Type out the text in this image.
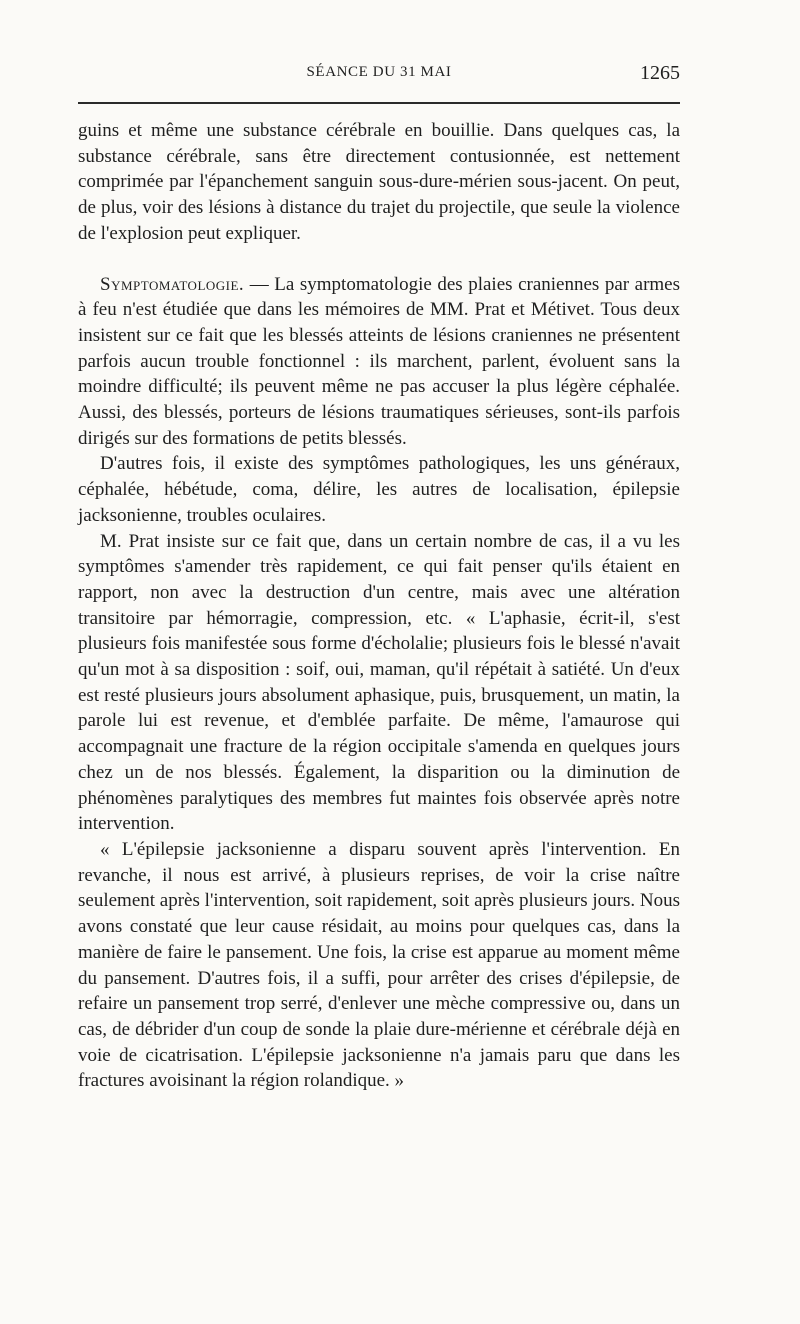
SÉANCE DU 31 MAI	1265

guins et même une substance cérébrale en bouillie. Dans quelques cas, la substance cérébrale, sans être directement contusionnée, est nettement comprimée par l'épanchement sanguin sous-dure-mérien sous-jacent. On peut, de plus, voir des lésions à distance du trajet du projectile, que seule la violence de l'explosion peut expliquer.

Symptomatologie. — La symptomatologie des plaies craniennes par armes à feu n'est étudiée que dans les mémoires de MM. Prat et Métivet. Tous deux insistent sur ce fait que les blessés atteints de lésions craniennes ne présentent parfois aucun trouble fonctionnel : ils marchent, parlent, évoluent sans la moindre difficulté; ils peuvent même ne pas accuser la plus légère céphalée. Aussi, des blessés, porteurs de lésions traumatiques sérieuses, sont-ils parfois dirigés sur des formations de petits blessés.

D'autres fois, il existe des symptômes pathologiques, les uns généraux, céphalée, hébétude, coma, délire, les autres de localisation, épilepsie jacksonienne, troubles oculaires.

M. Prat insiste sur ce fait que, dans un certain nombre de cas, il a vu les symptômes s'amender très rapidement, ce qui fait penser qu'ils étaient en rapport, non avec la destruction d'un centre, mais avec une altération transitoire par hémorragie, compression, etc. « L'aphasie, écrit-il, s'est plusieurs fois manifestée sous forme d'écholalie; plusieurs fois le blessé n'avait qu'un mot à sa disposition : soif, oui, maman, qu'il répétait à satiété. Un d'eux est resté plusieurs jours absolument aphasique, puis, brusquement, un matin, la parole lui est revenue, et d'emblée parfaite. De même, l'amaurose qui accompagnait une fracture de la région occipitale s'amenda en quelques jours chez un de nos blessés. Également, la disparition ou la diminution de phénomènes paralytiques des membres fut maintes fois observée après notre intervention.

« L'épilepsie jacksonienne a disparu souvent après l'intervention. En revanche, il nous est arrivé, à plusieurs reprises, de voir la crise naître seulement après l'intervention, soit rapidement, soit après plusieurs jours. Nous avons constaté que leur cause résidait, au moins pour quelques cas, dans la manière de faire le pansement. Une fois, la crise est apparue au moment même du pansement. D'autres fois, il a suffi, pour arrêter des crises d'épilepsie, de refaire un pansement trop serré, d'enlever une mèche compressive ou, dans un cas, de débrider d'un coup de sonde la plaie dure-mérienne et cérébrale déjà en voie de cicatrisation. L'épilepsie jacksonienne n'a jamais paru que dans les fractures avoisinant la région rolandique. »
